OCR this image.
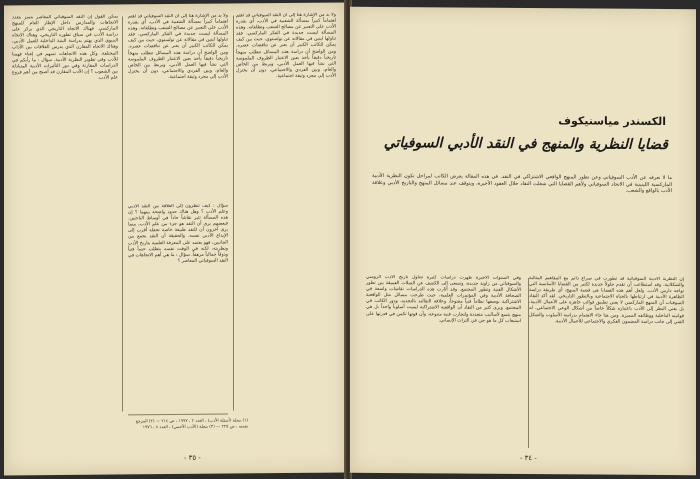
ولا بد من الإشارة هنا إلى أن النقد السوفياتي قد اهتم اهتماماً كبيراً بمسألة الشعبية في الأدب، أي بقدرة الأدب على التعبير عن مصالح الشعب وتطلعاته. وهذه المسألة ليست جديدة في الفكر الماركسي، فقد تناولها لينين في مقالاته عن تولستوي، حيث بين كيف يمكن للكاتب الكبير أن يعبر عن تناقضات عصره. ومن الواضح أن دراسة هذه المسائل تتطلب منهجاً تاريخياً دقيقاً يأخذ بعين الاعتبار الظروف الملموسة التي نشأ فيها العمل الأدبي، ويربط بين الخاص والعام، وبين الفردي والاجتماعي، دون أن يختزل الأدب إلى مجرد وثيقة اجتماعية.

سؤال : كيف تنظرون إلى العلاقة بين النقد الأدبي وعلم الأدب ؟ وهل هناك حدود واضحة بينهما ؟ إن هذه المسألة تثير نقاشاً حاداً في أوساط الباحثين. فبعضهم يرى أن النقد هو جزء من علم الأدب، بينما يرى آخرون أن للنقد طبيعة خاصة تجعله أقرب إلى الإبداع الأدبي نفسه. والحقيقة أن النقد يجمع بين الجانبين، فهو يعتمد على المعرفة العلمية بتاريخ الأدب ونظريته، لكنه في الوقت نفسه يتطلب حساً فنياً وذوقاً جمالياً مرهفاً. سؤال : ما هي أهم الاتجاهات في النقد السوفياتي المعاصر ؟

ولا بد من الإشارة هنا إلى أن النقد السوفياتي قد اهتم اهتماماً كبيراً بمسألة الشعبية في الأدب، أي بقدرة الأدب على التعبير عن مصالح الشعب وتطلعاته. وهذه المسألة ليست جديدة في الفكر الماركسي، فقد تناولها لينين في مقالاته عن تولستوي، حيث بين كيف يمكن للكاتب الكبير أن يعبر عن تناقضات عصره. ومن الواضح أن دراسة هذه المسائل تتطلب منهجاً تاريخياً دقيقاً يأخذ بعين الاعتبار الظروف الملموسة التي نشأ فيها العمل الأدبي، ويربط بين الخاص والعام، وبين الفردي والاجتماعي، دون أن يختزل الأدب إلى مجرد وثيقة اجتماعية.

يمكن القول إن النقد السوفياتي المعاصر يتميز بتعدد الاتجاهات والمدارس داخل الإطار العام للمنهج الماركسي. فهناك الاتجاه التاريخي الذي يركز على دراسة الأدب في سياق تطوره التاريخي، وهناك الاتجاه البنيوي الذي يهتم بدراسة البنية الداخلية للعمل الأدبي، وهناك الاتجاه المقارن الذي يدرس العلاقات بين الآداب المختلفة. وكل هذه الاتجاهات تسهم في إغناء فهمنا للأدب وفي تطوير النظرية الأدبية. سؤال : ما رأيكم في الدراسات المقارنة وفي دور التأثيرات الأدبية المتبادلة بين الشعوب ؟ إن الأدب المقارن قد أصبح من أهم فروع علم الأدب.

(١) مجلة (أسئلة الأدب) ، العدد ٢ ، ١٩٧٧ ، ص ٢١٤ — (٢) المرجع نفسه ، ص ٢٢٥ — (٣) مجلة (الأدب الأجنبي) ، العدد ٨ ، ١٩٧٦
- ٣٥ -
الكسندر مياسنيكوف
قضايا النظرية والمنهج في النقد الأدبي السوفياتي
ما لا نعرفه عن الأدب السوفياتي وعن تطور المنهج الواقعي الاشتراكي في النقد. في هذه المقالة يعرض الكاتب لمراحل تكون النظرية الأدبية الماركسية اللينينية في الاتحاد السوفياتي ولأهم القضايا التي شغلت النقاد خلال العقود الأخيرة، ويتوقف عند مسائل المنهج والتاريخ الأدبي وعلاقة الأدب بالواقع والشعب.

إن النظرية الأدبية السوفياتية قد تطورت في صراع دائم مع المفاهيم المثالية والشكلانية، وقد استطاعت أن تقدم حلولاً جديدة لكثير من القضايا الأساسية التي تواجه دارس الأدب. ولعل أهم هذه القضايا هي قضية المنهج، أي طريقة دراسة الظاهرة الأدبية في ارتباطها بالحياة الاجتماعية وبالتطور التاريخي. لقد أكد النقاد السوفيات أن المنهج الماركسي لا يعني تطبيق قوالب جاهزة على الأعمال الأدبية، بل يعني النظر إلى الأدب باعتباره شكلاً خاصاً من أشكال الوعي الاجتماعي، له قوانينه الداخلية ووظائفه المميزة. ومن هنا جاء الاهتمام بدراسة الأسلوب والشكل الفني إلى جانب دراسة المضمون الفكري والاجتماعي للأعمال الأدبية.

وفي السنوات الأخيرة ظهرت دراسات كثيرة تتناول تاريخ الأدب الروسي والسوفياتي من زاوية جديدة، وتسعى إلى الكشف عن الصلات العميقة بين تطور الأشكال الفنية وتطور المجتمع. وقد أثارت هذه الدراسات نقاشات واسعة في الصحافة الأدبية وفي المؤتمرات العلمية، حيث طرحت مسائل مثل الواقعية الاشتراكية بوصفها نظاماً فنياً مفتوحاً، وعلاقة التقاليد بالتجديد، ودور الكاتب في المجتمع. ويرى كثير من النقاد أن الواقعية الاشتراكية ليست أسلوباً واحداً بل هي منهج يتسع لأساليب متعددة ولتجارب فنية متنوعة، وأن قوتها تكمن في قدرتها على استيعاب كل ما هو حي في التراث الإنساني.

- ٣٤ -
